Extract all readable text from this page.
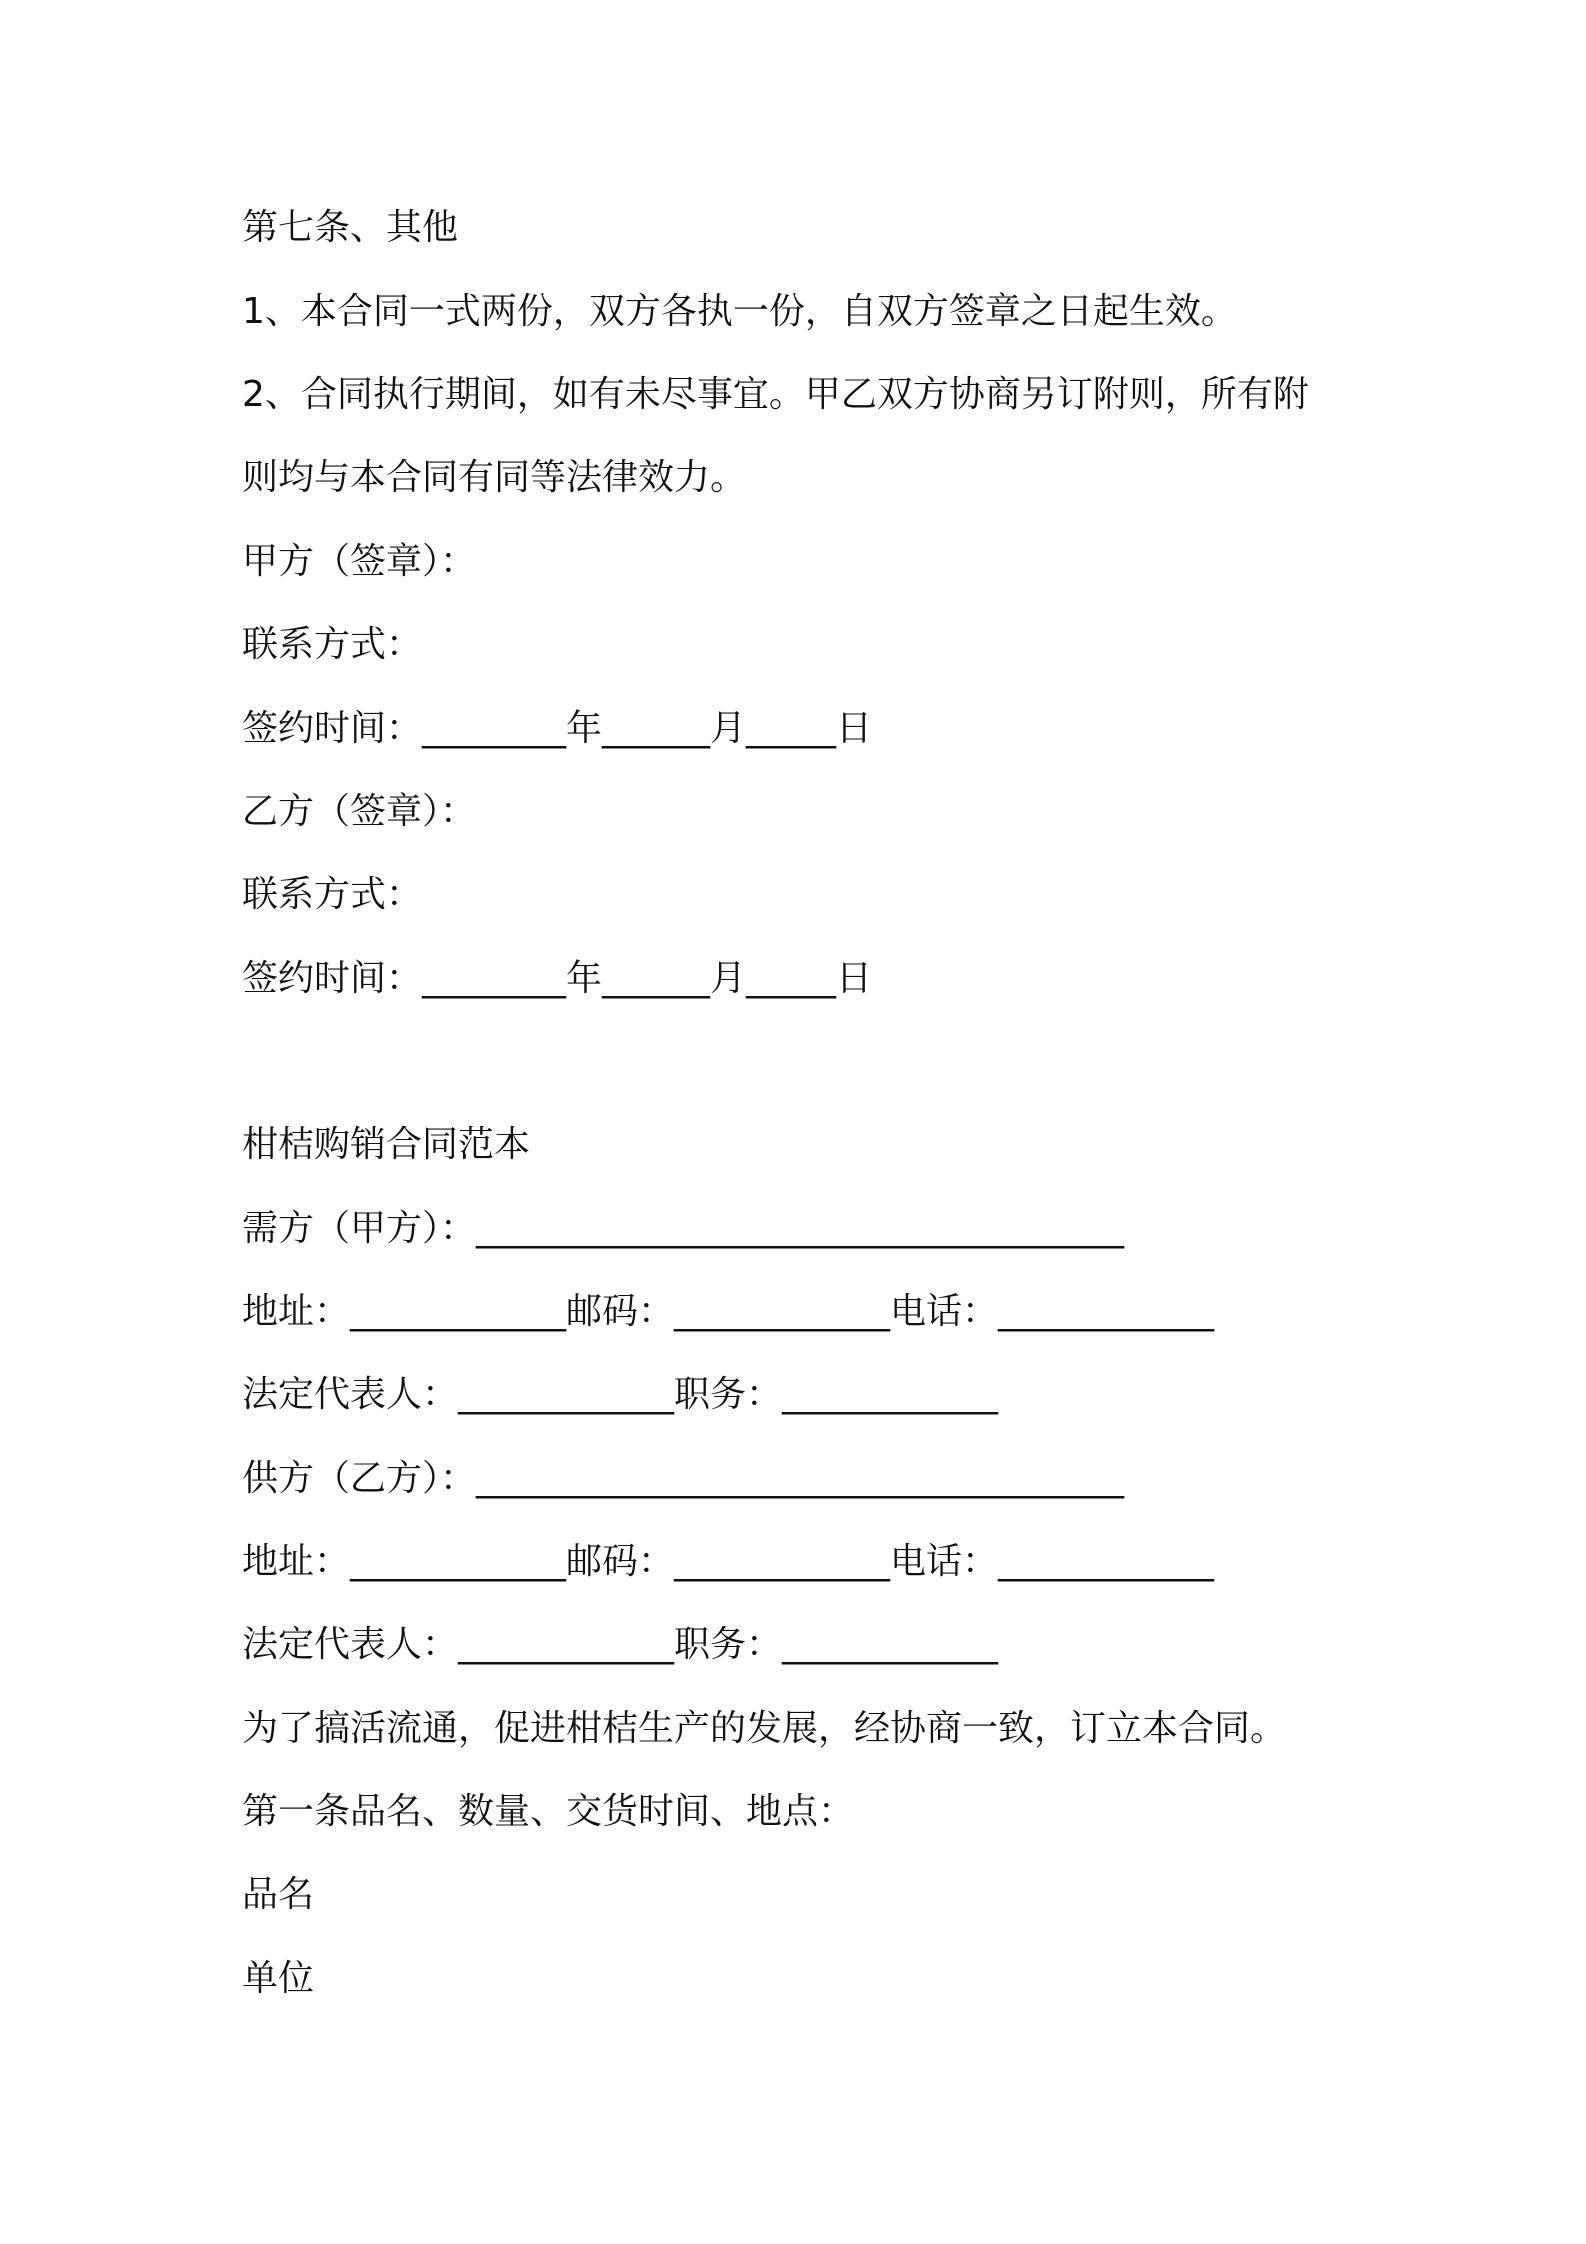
第七条、其他
1、本合同一式两份，双方各执一份，自双方签章之日起生效。
2、合同执行期间，如有未尽事宜。甲乙双方协商另订附则，所有附
则均与本合同有同等法律效力。
甲方（签章）：
联系方式：
签约时间：________年______月_____日
乙方（签章）：
联系方式：
签约时间：________年______月_____日
柑桔购销合同范本
需方（甲方）：____________________________________
地址：____________邮码：____________电话：____________
法定代表人：____________职务：____________
供方（乙方）：____________________________________
地址：____________邮码：____________电话：____________
法定代表人：____________职务：____________
为了搞活流通，促进柑桔生产的发展，经协商一致，订立本合同。
第一条品名、数量、交货时间、地点：
品名
单位
